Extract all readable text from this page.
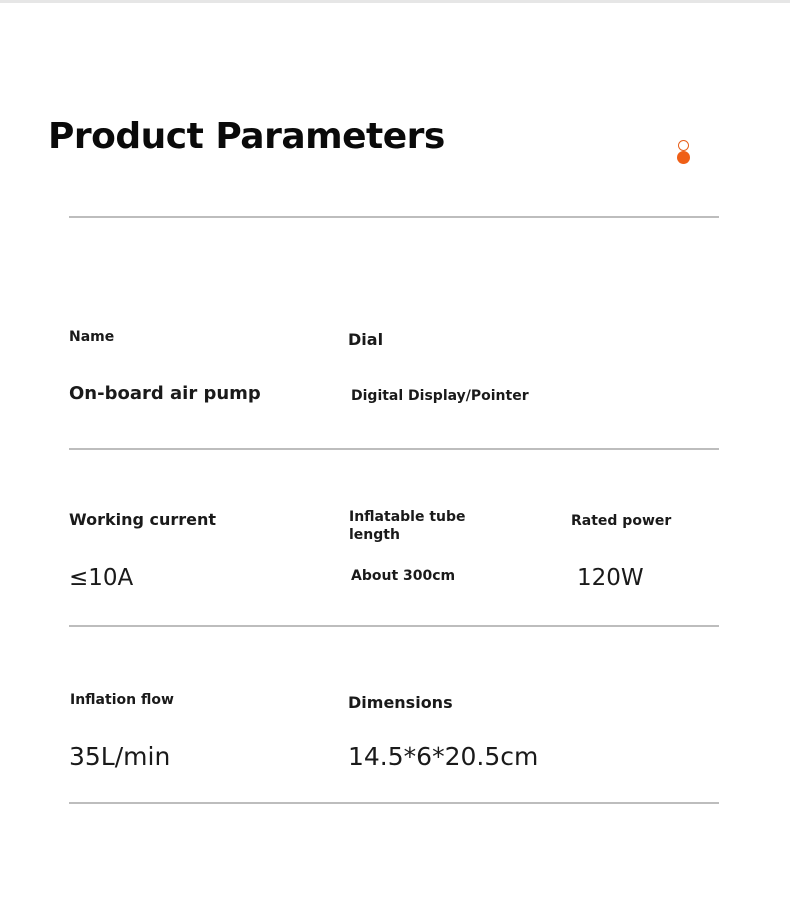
Product Parameters

Name

On-board air pump

Dial

Digital Display/Pointer

Working current

≤10A

Inflatable tube
length

About 300cm

Rated power

120W

Inflation flow

35L/min

Dimensions

14.5*6*20.5cm
